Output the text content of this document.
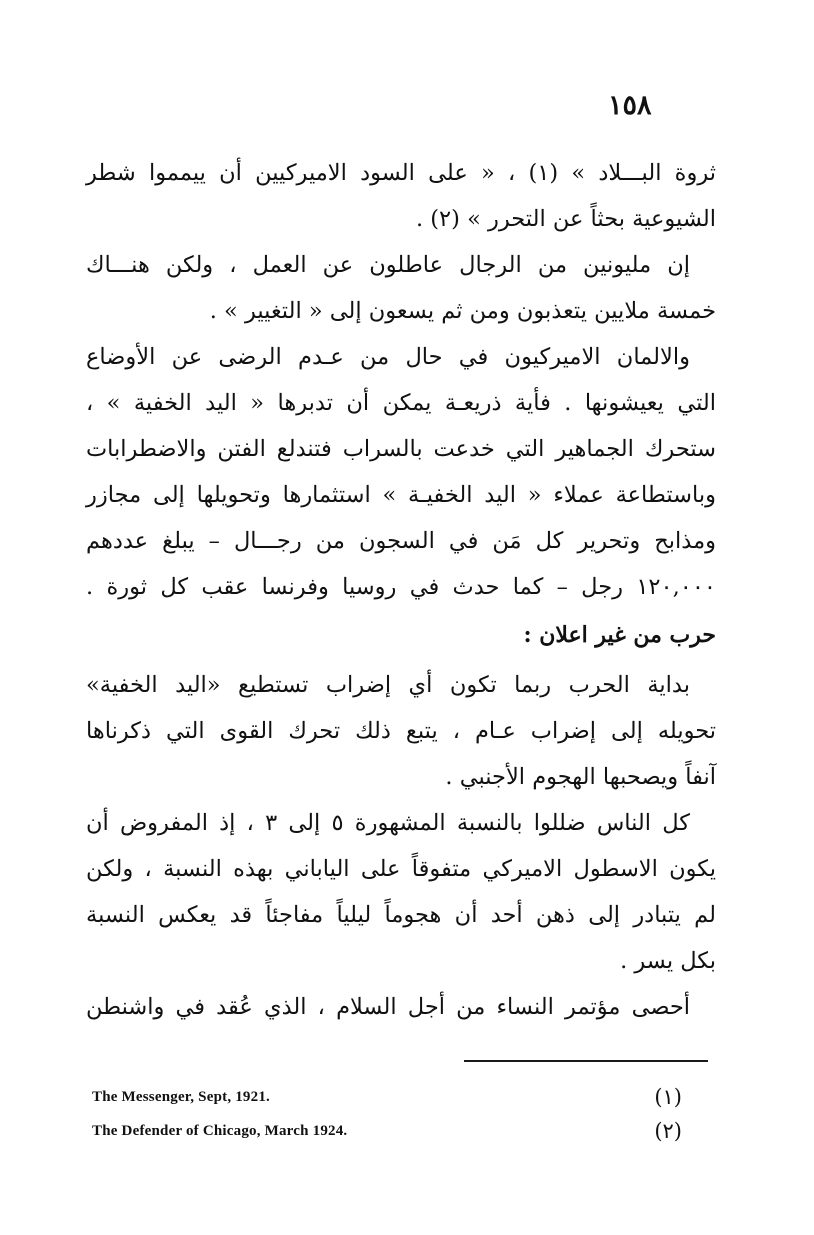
١٥٨
ثروة البـــلاد » (١) ، « على السود الاميركيين أن ييمموا شطر
الشيوعية بحثاً عن التحرر » (٢) .
إن مليونين من الرجال عاطلون عن العمل ، ولكن هنـــاك
خمسة ملايين يتعذبون ومن ثم يسعون إلى « التغيير » .
والالمان الاميركيون في حال من عـدم الرضى عن الأوضاع
التي يعيشونها . فأية ذريعـة يمكن أن تدبرها « اليد الخفية » ،
ستحرك الجماهير التي خدعت بالسراب فتندلع الفتن والاضطرابات
وباستطاعة عملاء « اليد الخفيـة » استثمارها وتحويلها إلى مجازر
ومذابح وتحرير كل مَن في السجون من رجـــال – يبلغ عددهم
١٢٠,٠٠٠ رجل – كما حدث في روسيا وفرنسا عقب كل ثورة .
حرب من غير اعلان :
بداية الحرب ربما تكون أي إضراب تستطيع «اليد الخفية»
تحويله إلى إضراب عـام ، يتبع ذلك تحرك القوى التي ذكرناها
آنفاً ويصحبها الهجوم الأجنبي .
كل الناس ضللوا بالنسبة المشهورة ٥ إلى ٣ ، إذ المفروض أن
يكون الاسطول الاميركي متفوقاً على الياباني بهذه النسبة ، ولكن
لم يتبادر إلى ذهن أحد أن هجوماً ليلياً مفاجئاً قد يعكس النسبة
بكل يسر .
أحصى مؤتمر النساء من أجل السلام ، الذي عُقد في واشنطن
The Messenger, Sept, 1921.	(١)
The Defender of Chicago, March 1924.	(٢)
